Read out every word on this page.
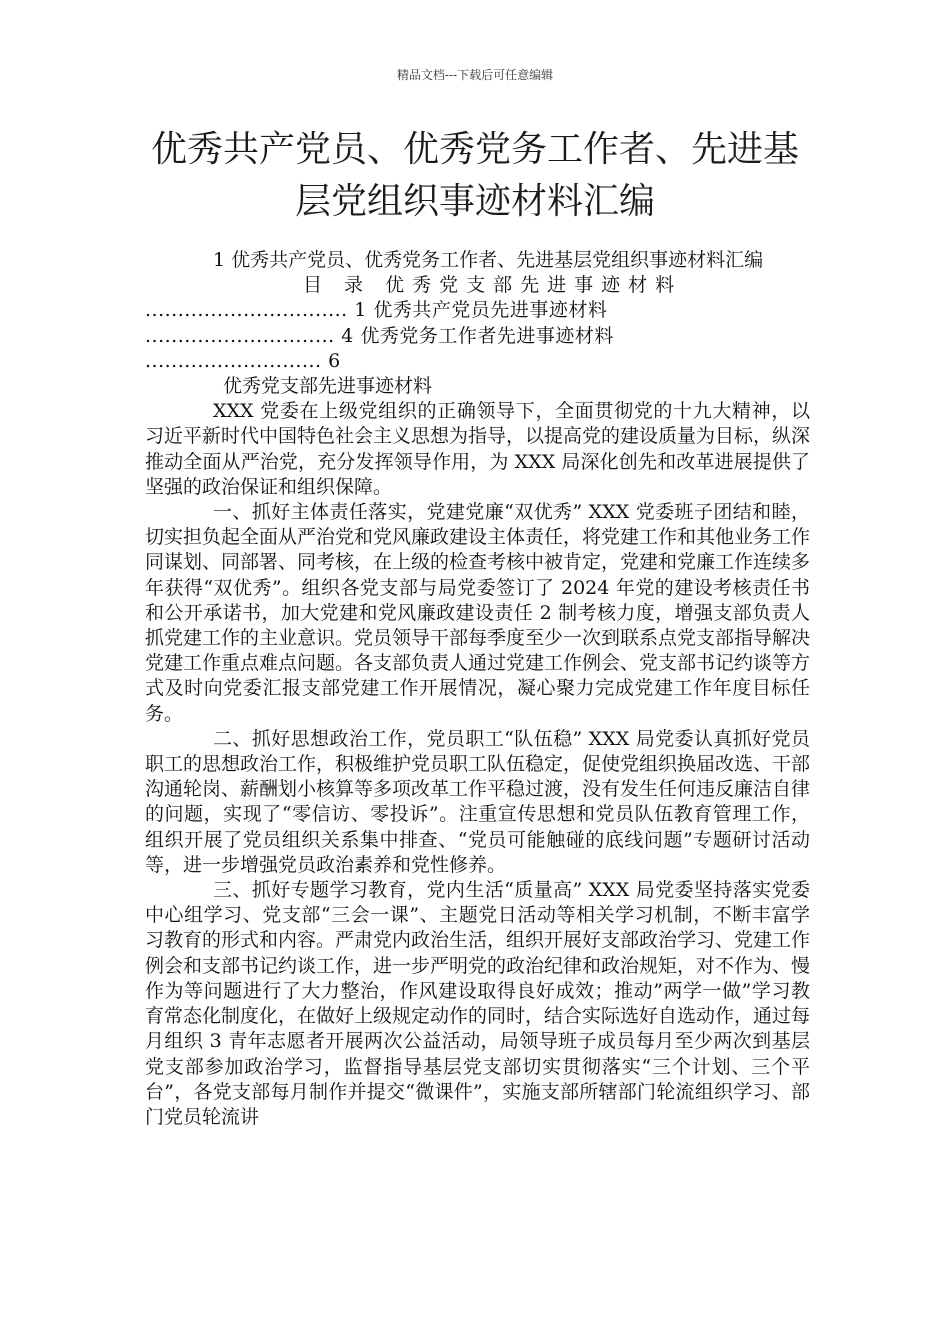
精品文档---下载后可任意编辑
优秀共产党员、优秀党务工作者、先进基层党组织事迹材料汇编

1 优秀共产党员、优秀党务工作者、先进基层党组织事迹材料汇编

目 录 优秀党支部先进事迹材料

............................... 1 优秀共产党员先进事迹材料

............................. 4 优秀党务工作者先进事迹材料

........................... 6

优秀党支部先进事迹材料

XXX 党委在上级党组织的正确领导下，全面贯彻党的十九大精神，以习近平新时代中国特色社会主义思想为指导，以提高党的建设质量为目标，纵深推动全面从严治党，充分发挥领导作用，为 XXX 局深化创先和改革进展提供了坚强的政治保证和组织保障。

一、抓好主体责任落实，党建党廉“双优秀” XXX 党委班子团结和睦，切实担负起全面从严治党和党风廉政建设主体责任，将党建工作和其他业务工作同谋划、同部署、同考核，在上级的检查考核中被肯定，党建和党廉工作连续多年获得“双优秀”。组织各党支部与局党委签订了 2024 年党的建设考核责任书和公开承诺书，加大党建和党风廉政建设责任 2 制考核力度，增强支部负责人抓党建工作的主业意识。党员领导干部每季度至少一次到联系点党支部指导解决党建工作重点难点问题。各支部负责人通过党建工作例会、党支部书记约谈等方式及时向党委汇报支部党建工作开展情况，凝心聚力完成党建工作年度目标任务。

二、抓好思想政治工作，党员职工“队伍稳” XXX 局党委认真抓好党员职工的思想政治工作，积极维护党员职工队伍稳定，促使党组织换届改选、干部沟通轮岗、薪酬划小核算等多项改革工作平稳过渡，没有发生任何违反廉洁自律的问题，实现了“零信访、零投诉”。注重宣传思想和党员队伍教育管理工作，组织开展了党员组织关系集中排查、“党员可能触碰的底线问题”专题研讨活动等，进一步增强党员政治素养和党性修养。

三、抓好专题学习教育，党内生活“质量高” XXX 局党委坚持落实党委中心组学习、党支部“三会一课”、主题党日活动等相关学习机制，不断丰富学习教育的形式和内容。严肃党内政治生活，组织开展好支部政治学习、党建工作例会和支部书记约谈工作，进一步严明党的政治纪律和政治规矩，对不作为、慢作为等问题进行了大力整治，作风建设取得良好成效；推动”两学一做”学习教育常态化制度化，在做好上级规定动作的同时，结合实际选好自选动作，通过每月组织 3 青年志愿者开展两次公益活动，局领导班子成员每月至少两次到基层党支部参加政治学习，监督指导基层党支部切实贯彻落实“三个计划、三个平台”，各党支部每月制作并提交“微课件”，实施支部所辖部门轮流组织学习、部门党员轮流讲
